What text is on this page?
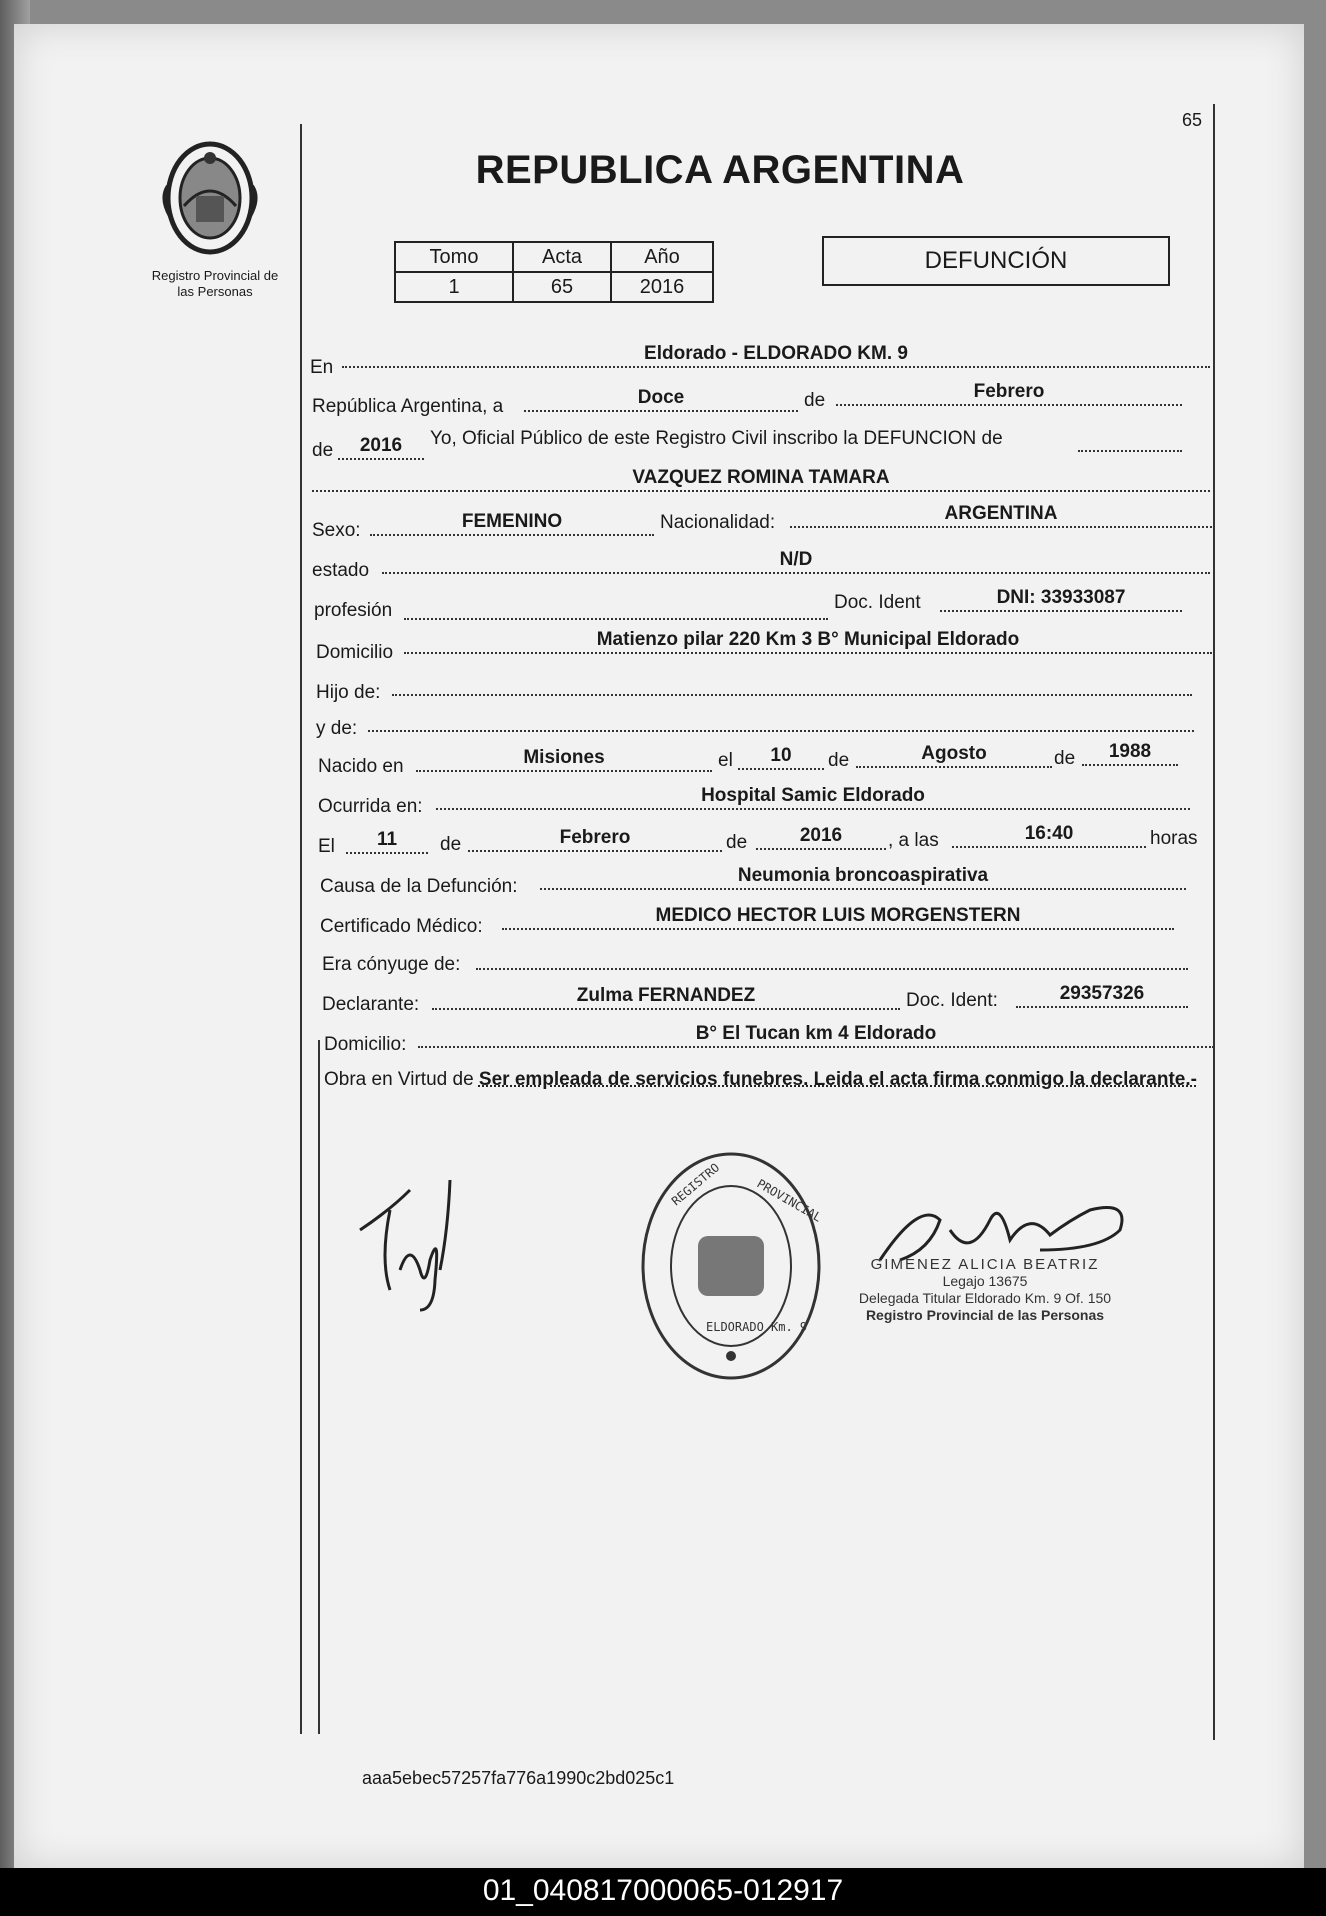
65
Registro Provincial de
las Personas
REPUBLICA ARGENTINA
Tomo	Acta	Año
1	65	2016
DEFUNCIÓN
En
Eldorado - ELDORADO KM. 9
República Argentina, a	Doce	de	Febrero
de	2016	Yo, Oficial Público de este Registro Civil inscribo la DEFUNCION de
VAZQUEZ ROMINA TAMARA
Sexo:	FEMENINO	Nacionalidad:	ARGENTINA
estado
N/D
profesión	Doc. Ident	DNI: 33933087
Domicilio
Matienzo pilar 220 Km 3 B° Municipal Eldorado
Hijo de:
y de:
Nacido en	Misiones	el	10	de	Agosto	de	1988
Ocurrida en:
Hospital Samic Eldorado
El	11	de	Febrero	de	2016	, a las	16:40	horas
Causa de la Defunción:
Neumonia broncoaspirativa
Certificado Médico:
MEDICO HECTOR LUIS MORGENSTERN
Era cónyuge de:
Declarante:	Zulma FERNANDEZ	Doc. Ident:	29357326
Domicilio:
B° El Tucan km 4 Eldorado
Obra en Virtud de Ser empleada de servicios funebres. Leida el acta firma conmigo la declarante.-
REGISTRO	PROVINCIAL
ELDORADO Km. 9
GIMENEZ ALICIA BEATRIZ
Legajo 13675
Delegada Titular Eldorado Km. 9 Of. 150
Registro Provincial de las Personas
aaa5ebec57257fa776a1990c2bd025c1
01_040817000065-012917
